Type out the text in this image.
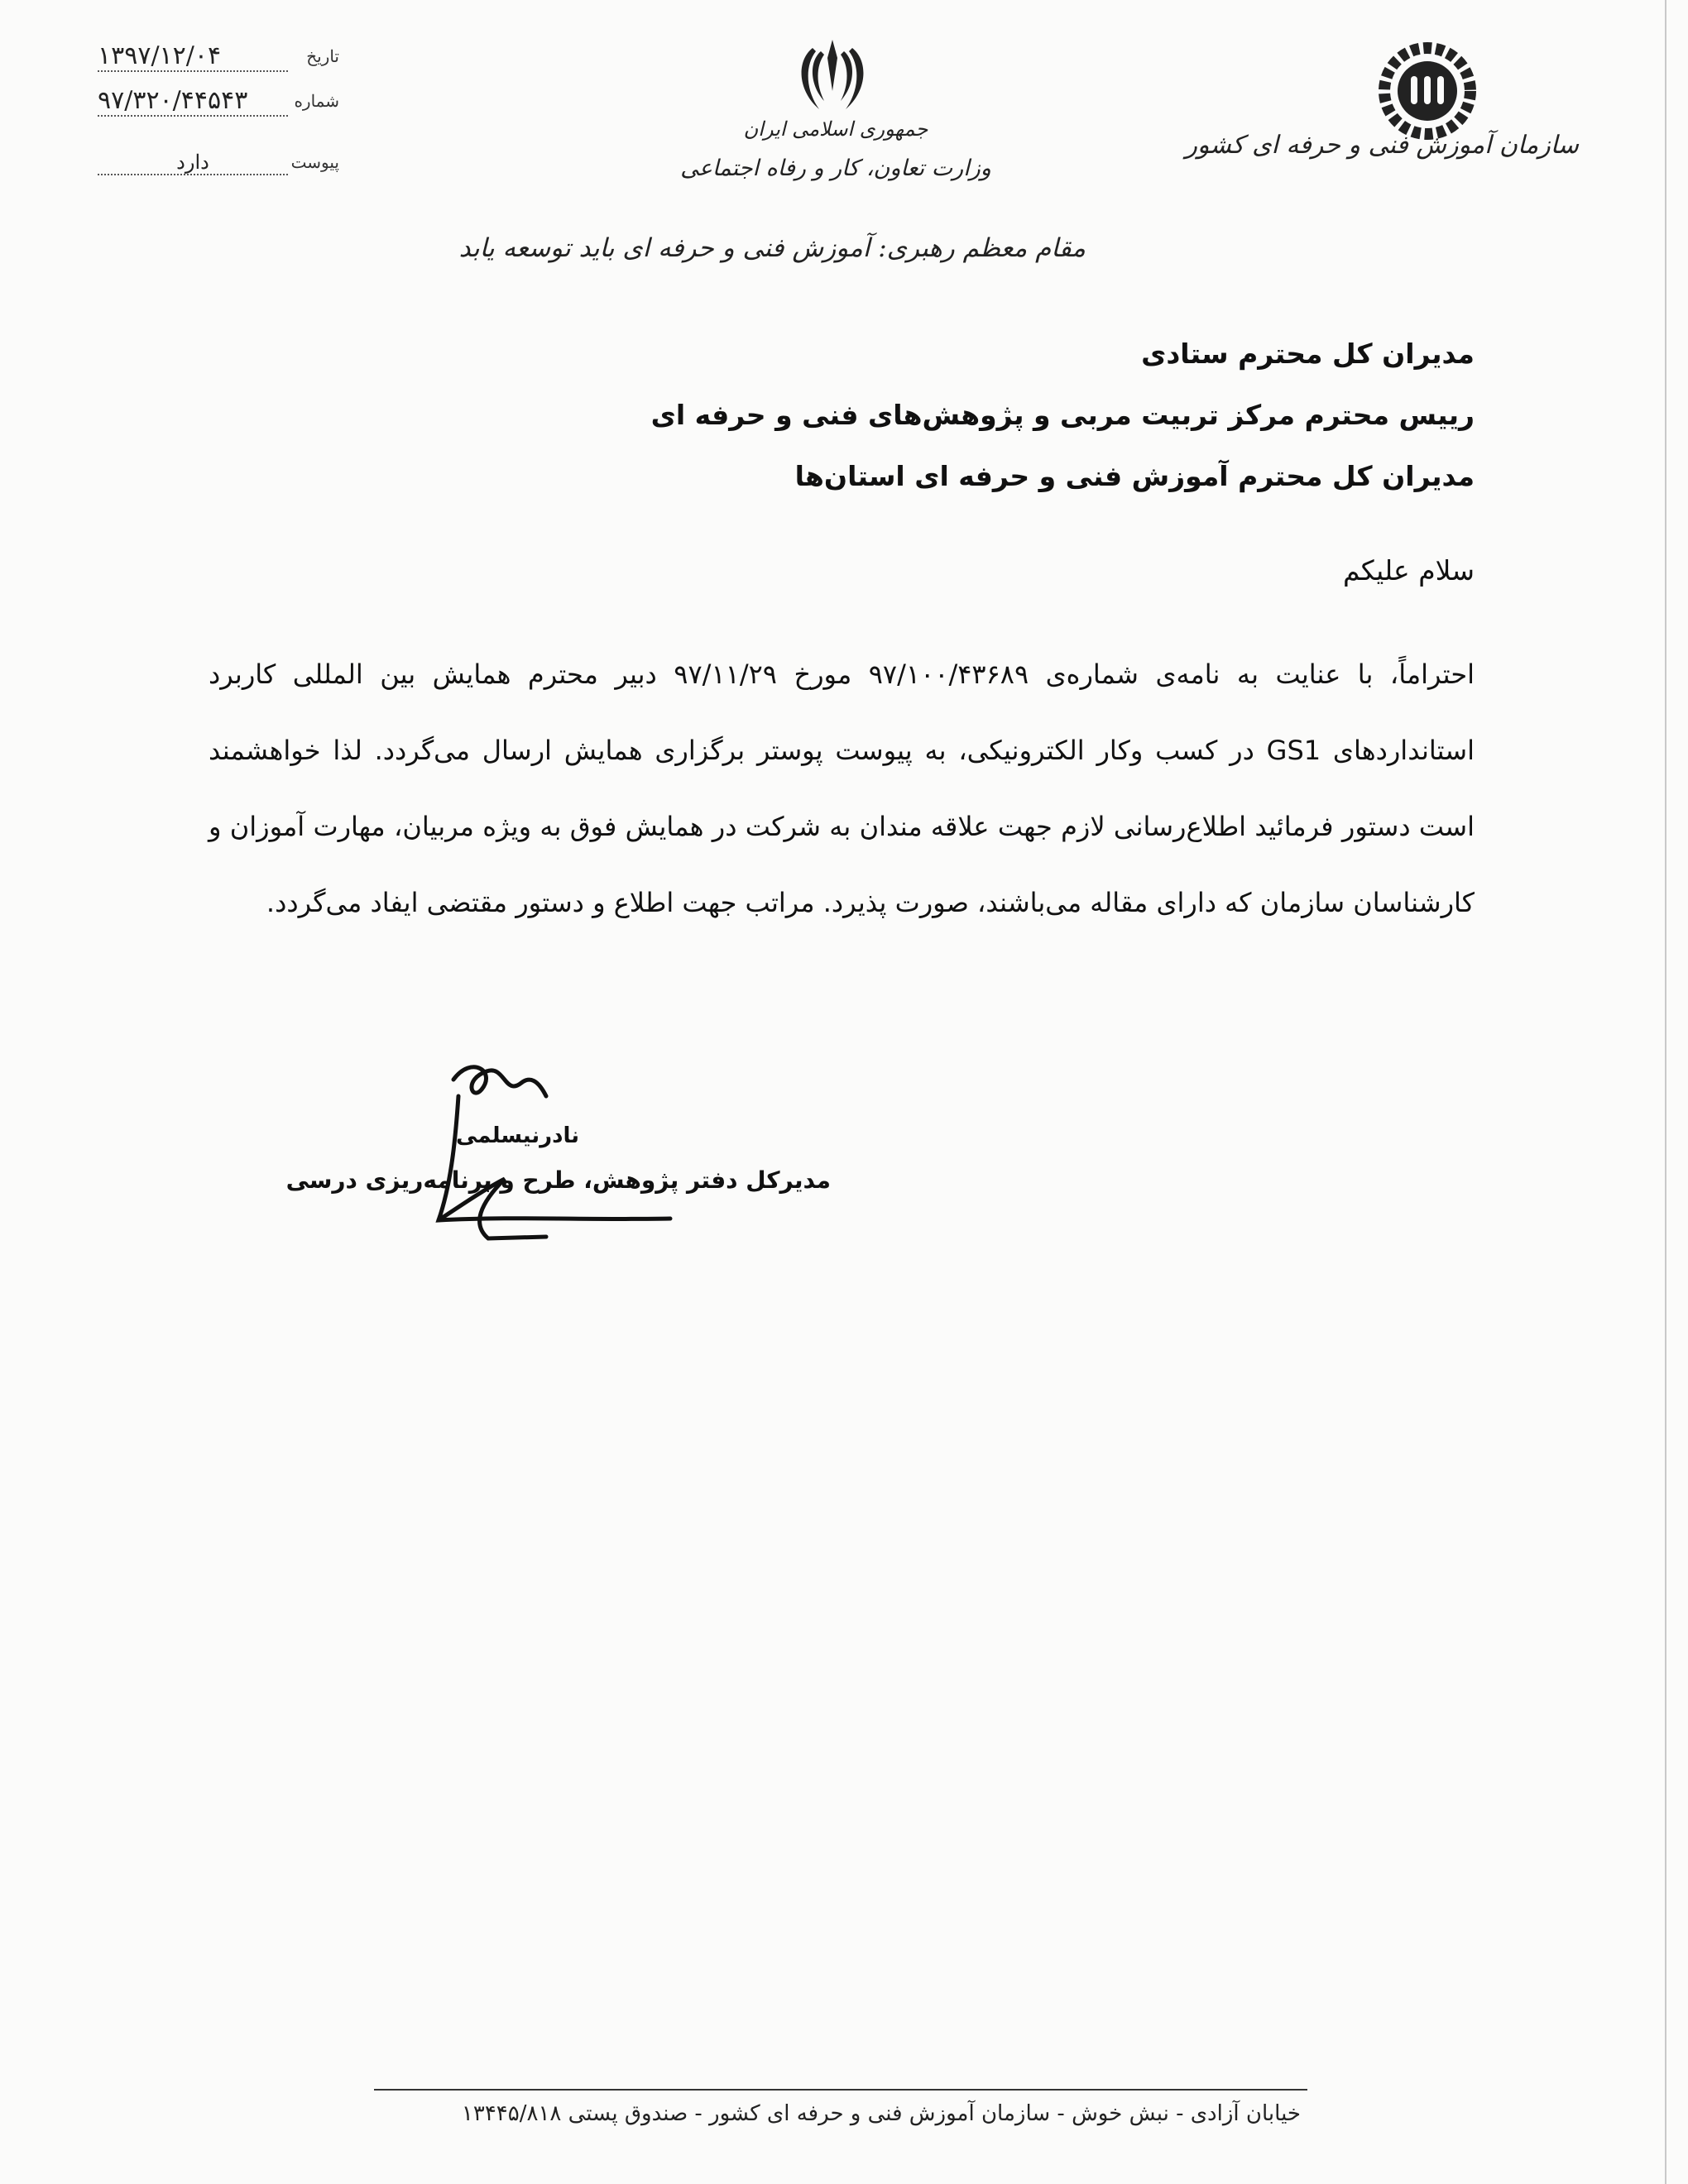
تاریخ
۱۳۹۷/۱۲/۰۴
شماره
۹۷/۳۲۰/۴۴۵۴۳
پیوست
دارد
جمهوری اسلامی ایران
وزارت تعاون، کار و رفاه اجتماعی
سازمان آموزش فنی و حرفه ای کشور
مقام معظم رهبری: آموزش فنی و حرفه ای باید توسعه یابد
مدیران کل محترم ستادی
رییس محترم مرکز تربیت مربی و پژوهش‌های فنی و حرفه ای
مدیران کل محترم آموزش فنی و حرفه ای استان‌ها
سلام علیکم
احتراماً، با عنایت به نامه‌ی شماره‌ی ۹۷/۱۰۰/۴۳۶۸۹ مورخ ۹۷/۱۱/۲۹ دبیر محترم همایش بین المللی کاربرد
استانداردهای GS1 در کسب وکار الکترونیکی، به پیوست پوستر برگزاری همایش ارسال می‌گردد. لذا خواهشمند
است دستور فرمائید اطلاع‌رسانی لازم جهت علاقه مندان به شرکت در همایش فوق به ویژه مربیان، مهارت آموزان و
کارشناسان سازمان که دارای مقاله می‌باشند، صورت پذیرد. مراتب جهت اطلاع و دستور مقتضی ایفاد می‌گردد.
نادرنیسلمی
مدیرکل دفتر پژوهش، طرح و برنامه‌ریزی درسی
خیابان آزادی - نبش خوش - سازمان آموزش فنی و حرفه ای کشور - صندوق پستی ۱۳۴۴۵/۸۱۸
